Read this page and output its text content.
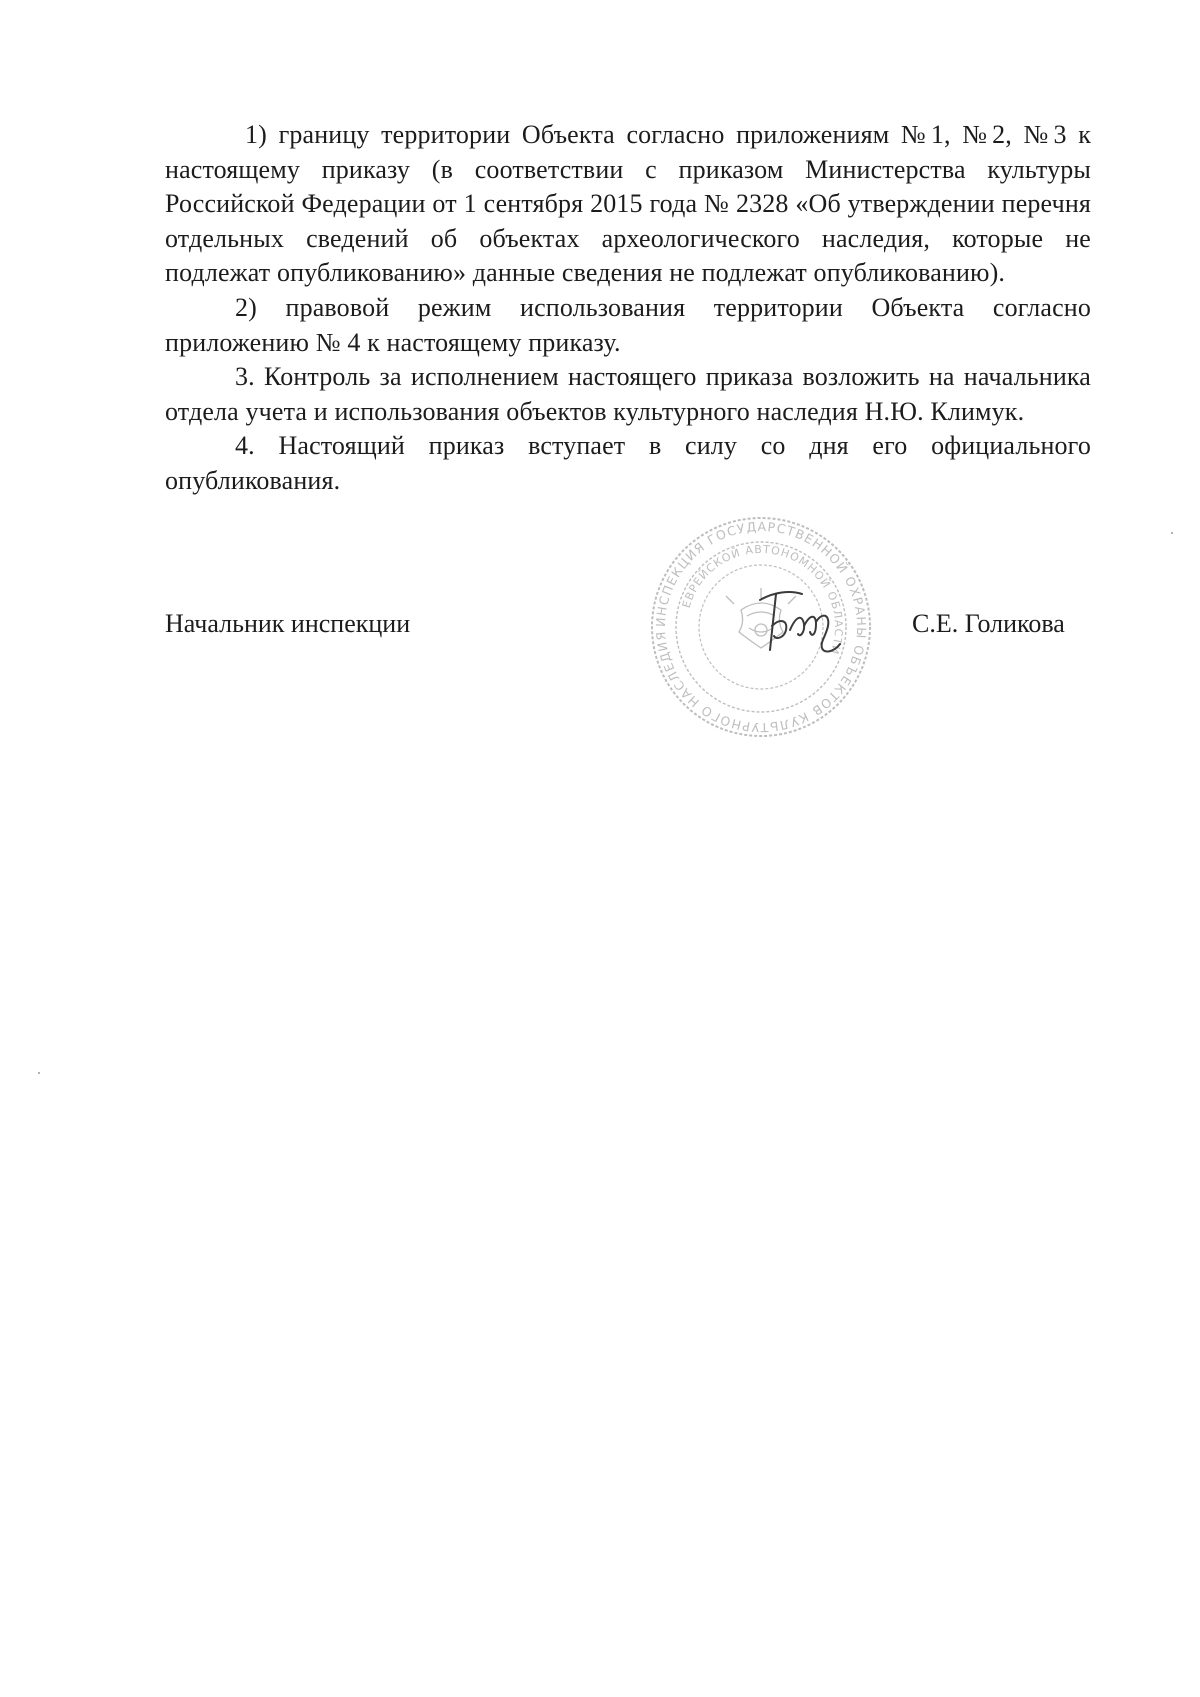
1) границу территории Объекта согласно приложениям №1, №2, №3 к настоящему приказу (в соответствии с приказом Министерства культуры Российской Федерации от 1 сентября 2015 года № 2328 «Об утверждении перечня отдельных сведений об объектах археологического наследия, которые не подлежат опубликованию» данные сведения не подлежат опубликованию).

2) правовой режим использования территории Объекта согласно приложению № 4 к настоящему приказу.

3. Контроль за исполнением настоящего приказа возложить на начальника отдела учета и использования объектов культурного наследия Н.Ю. Климук.

4. Настоящий приказ вступает в силу со дня его официального опубликования.

Начальник инспекции	ИНСПЕКЦИЯ ГОСУДАРСТВЕННОЙ ОХРАНЫ ОБЪЕКТОВ КУЛЬТУРНОГО НАСЛЕДИЯ
ЕВРЕЙСКОЙ АВТОНОМНОЙ ОБЛАСТИ
С.Е. Голикова
